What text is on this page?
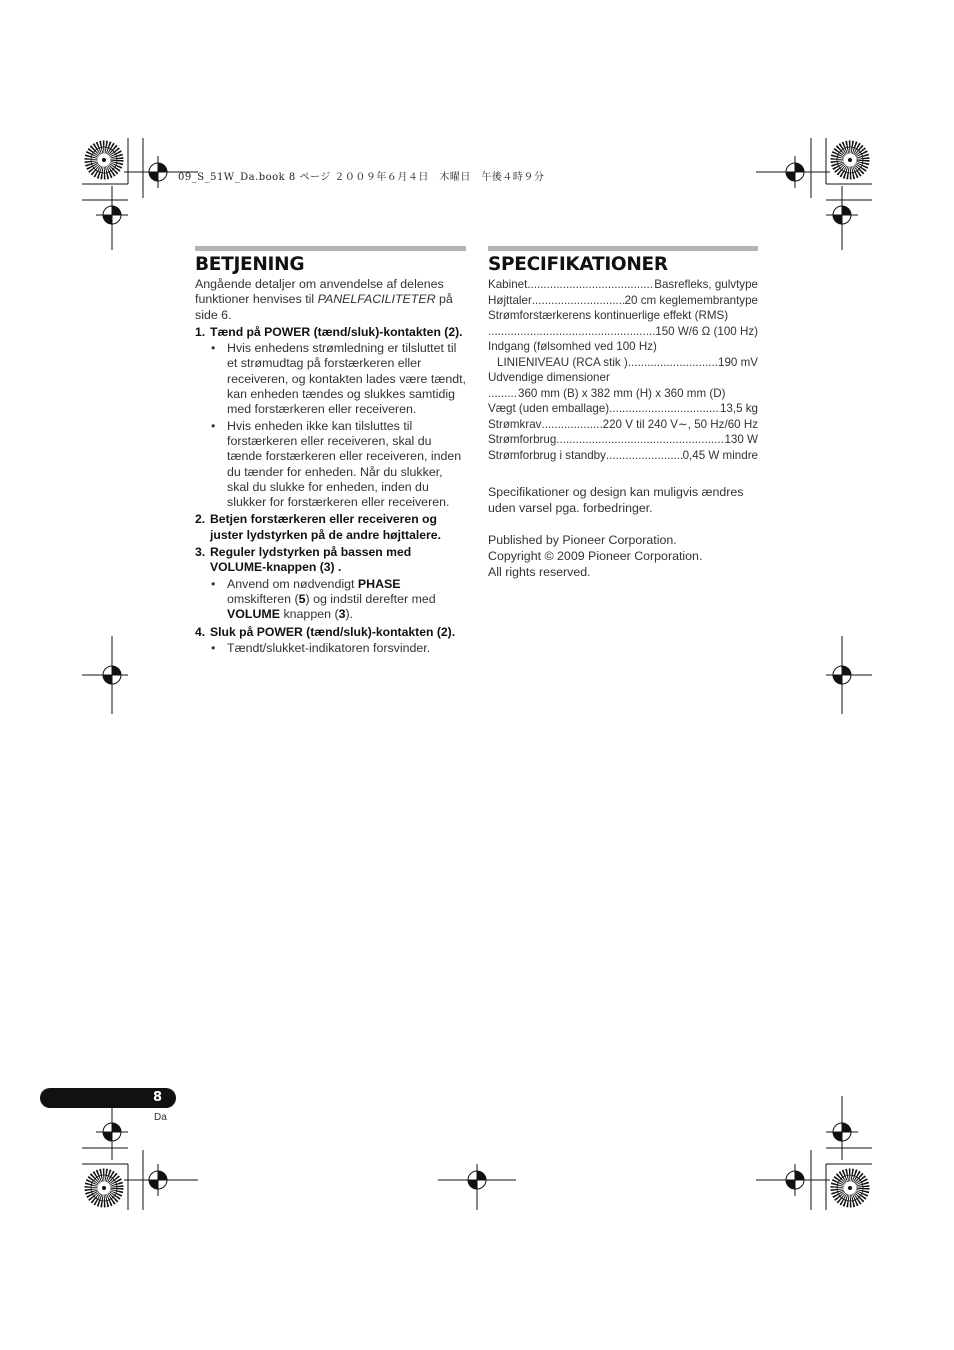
09_S_51W_Da.book 8 ページ ２００９年６月４日　木曜日　午後４時９分
BETJENING

Angående detaljer om anvendelse af delenes funktioner henvises til PANELFACILITETER på side 6.

1. Tænd på POWER (tænd/sluk)-kontakten (2).
• Hvis enhedens strømledning er tilsluttet til et strømudtag på forstærkeren eller receiveren, og kontakten lades være tændt, kan enheden tændes og slukkes samtidig med forstærkeren eller receiveren.
• Hvis enheden ikke kan tilsluttes til forstærkeren eller receiveren, skal du tænde forstærkeren eller receiveren, inden du tænder for enheden. Når du slukker, skal du slukke for enheden, inden du slukker for forstærkeren eller receiveren.
2. Betjen forstærkeren eller receiveren og juster lydstyrken på de andre højttalere.
3. Reguler lydstyrken på bassen med VOLUME-knappen (3) .
• Anvend om nødvendigt PHASE omskifteren (5) og indstil derefter med VOLUME knappen (3).
4. Sluk på POWER (tænd/sluk)-kontakten (2).
• Tændt/slukket-indikatoren forsvinder.
SPECIFIKATIONER
Kabinet .....	Basrefleks, gulvtype
Højttaler .....	20 cm keglemembrantype
Strømforstærkerens kontinuerlige effekt (RMS)
.....
150 W/6 Ω (100 Hz)
Indgang (følsomhed ved 100 Hz)
LINIENIVEAU (RCA stik ) .....	190 mV
Udvendige dimensioner
.....
360 mm (B) x 382 mm (H) x 360 mm (D)
Vægt (uden emballage) .....	13,5 kg
Strømkrav .....	220 V til 240 V∼, 50 Hz/60 Hz
Strømforbrug .....	130 W
Strømforbrug i standby .....	0,45 W mindre

Specifikationer og design kan muligvis ændres uden varsel pga. forbedringer.

Published by Pioneer Corporation.

Copyright © 2009 Pioneer Corporation.

All rights reserved.

8
Da
